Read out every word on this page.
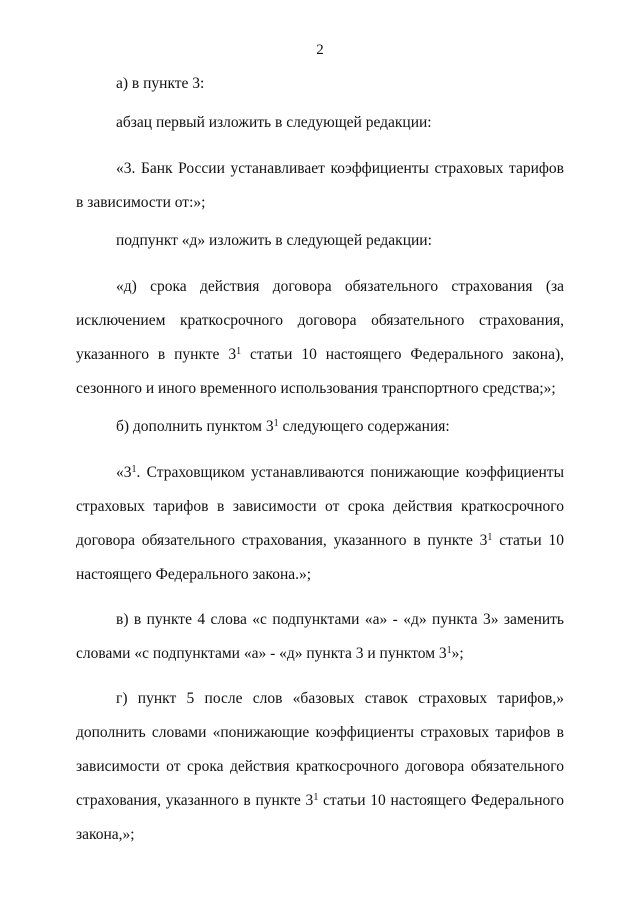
2

а) в пункте 3:

абзац первый изложить в следующей редакции:

«3. Банк России устанавливает коэффициенты страховых тарифов в зависимости от:»;

подпункт «д» изложить в следующей редакции:

«д) срока действия договора обязательного страхования (за исключением краткосрочного договора обязательного страхования, указанного в пункте $3^1$ статьи 10 настоящего Федерального закона), сезонного и иного временного использования транспортного средства;»;

б) дополнить пунктом $3^1$ следующего содержания:

«$3^1$. Страховщиком устанавливаются понижающие коэффициенты страховых тарифов в зависимости от срока действия краткосрочного договора обязательного страхования, указанного в пункте $3^1$ статьи 10 настоящего Федерального закона.»;

в) в пункте 4 слова «с подпунктами «а» - «д» пункта 3» заменить словами «с подпунктами «а» - «д» пункта 3 и пунктом $3^1$»;

г) пункт 5 после слов «базовых ставок страховых тарифов,» дополнить словами «понижающие коэффициенты страховых тарифов в зависимости от срока действия краткосрочного договора обязательного страхования, указанного в пункте $3^1$ статьи 10 настоящего Федерального закона,»;
